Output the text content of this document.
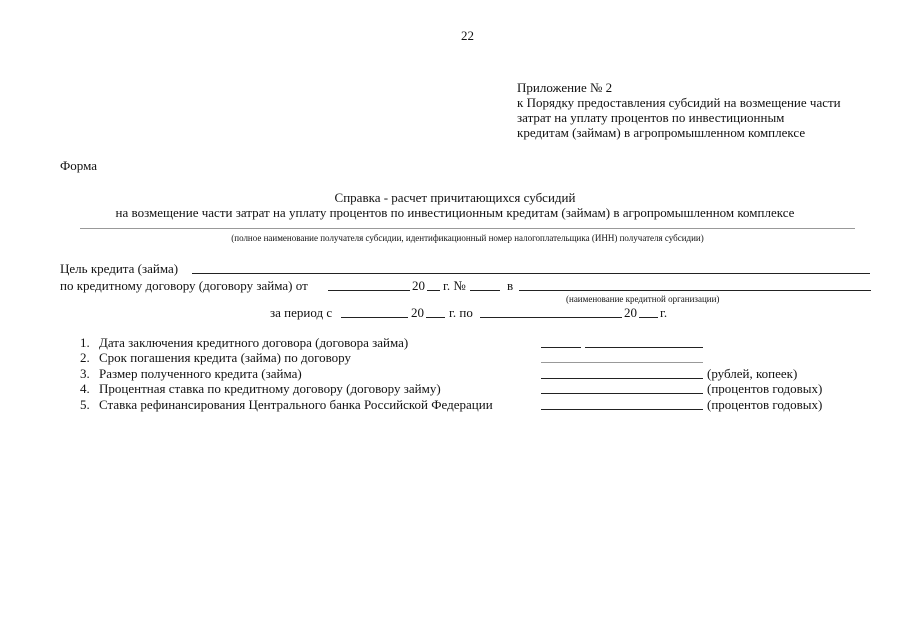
22
Приложение № 2
к Порядку предоставления субсидий на возмещение части
затрат на уплату процентов по инвестиционным
кредитам (займам) в агропромышленном комплексе
Форма
Справка - расчет причитающихся субсидий
на возмещение части затрат на уплату процентов по инвестиционным кредитам (займам) в агропромышленном комплексе
(полное наименование получателя субсидии, идентификационный номер налогоплательщика (ИНН) получателя субсидии)
Цель кредита (займа)
по кредитному договору (договору займа) от	20 г. №	в
(наименование кредитной организации)
за период с	20 г. по	20 г.
1. Дата заключения кредитного договора (договора займа)
2. Срок погашения кредита (займа) по договору
3. Размер полученного кредита (займа)	(рублей, копеек)
4. Процентная ставка по кредитному договору (договору займу)	(процентов годовых)
5. Ставка рефинансирования Центрального банка Российской Федерации	(процентов годовых)
